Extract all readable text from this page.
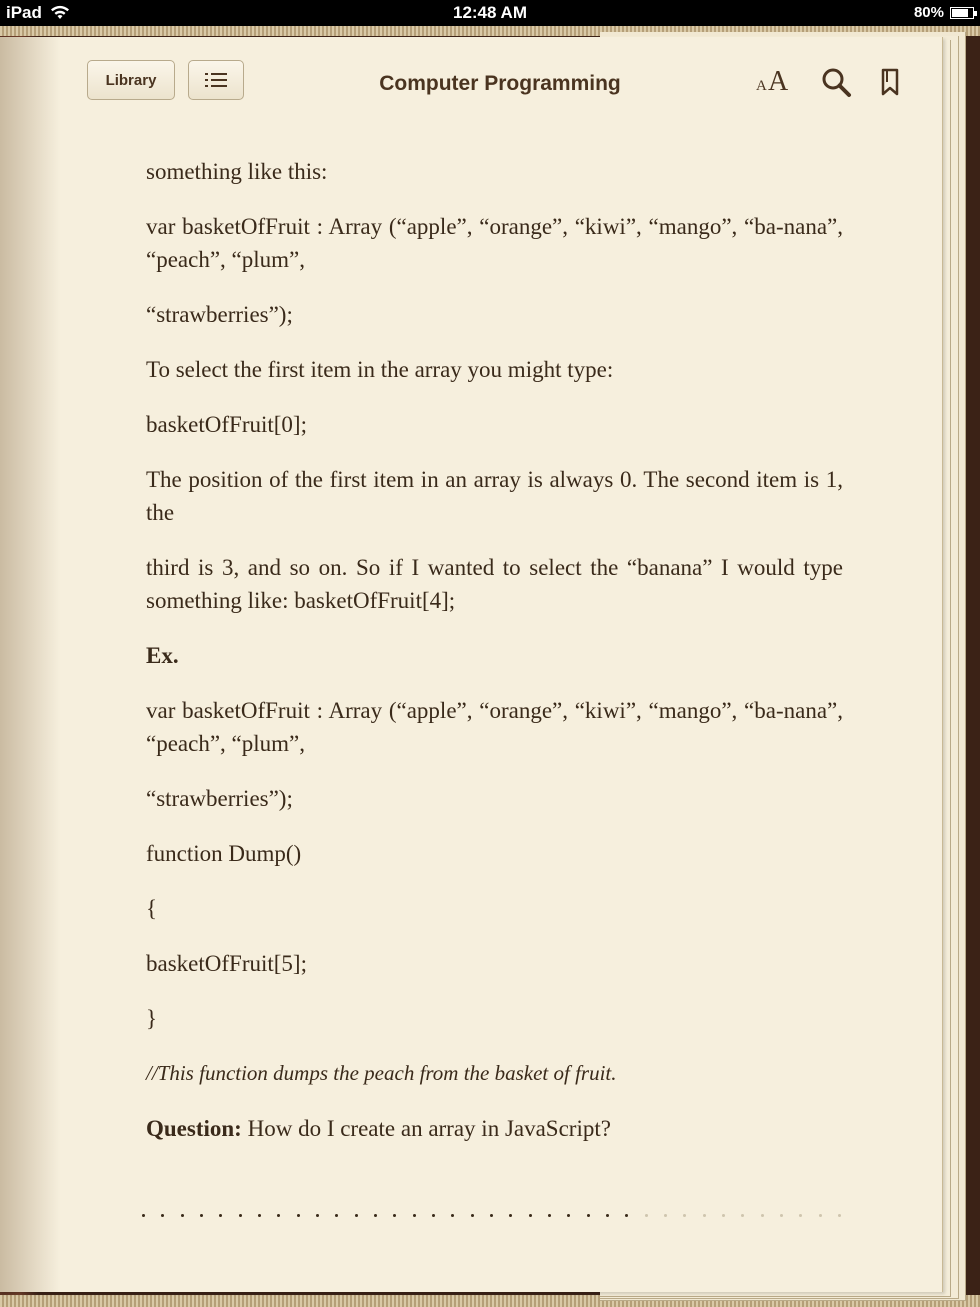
iPad	12:48 AM	80%
Library	Computer Programming	A A

something like this:

var basketOfFruit : Array (“apple”, “orange”, “kiwi”, “mango”, “ba-nana”, “peach”, “plum”,

“strawberries”);

To select the first item in the array you might type:

basketOfFruit[0];

The position of the first item in an array is always 0. The second item is 1, the

third is 3, and so on. So if I wanted to select the “banana” I would type something like: basketOfFruit[4];

Ex.

var basketOfFruit : Array (“apple”, “orange”, “kiwi”, “mango”, “ba-nana”, “peach”, “plum”,

“strawberries”);

function Dump()

{

basketOfFruit[5];

}

//This function dumps the peach from the basket of fruit.

Question: How do I create an array in JavaScript?
